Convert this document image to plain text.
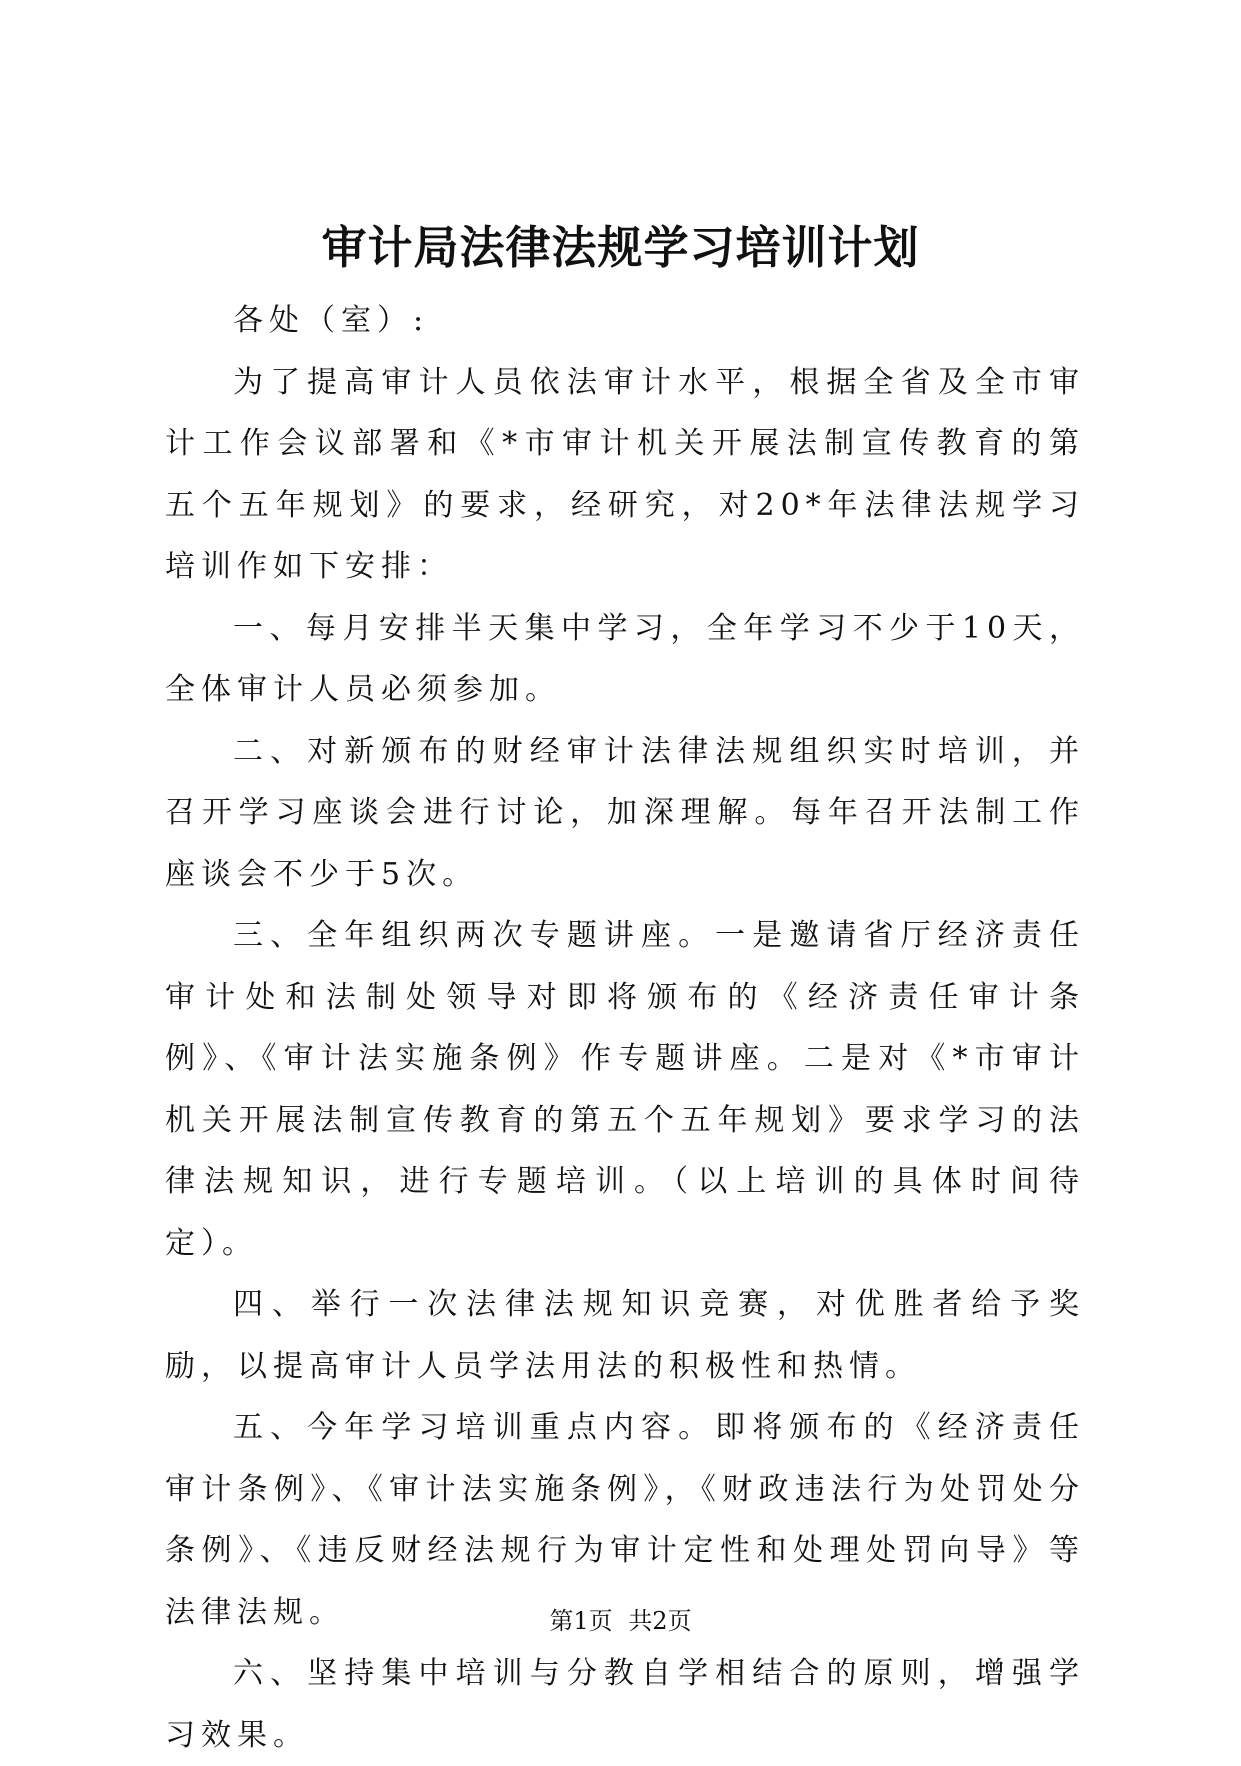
审计局法律法规学习培训计划

各处（室）:

为了提高审计人员依法审计水平，根据全省及全市审计工作会议部署和《*市审计机关开展法制宣传教育的第五个五年规划》的要求，经研究，对20*年法律法规学习培训作如下安排：

一、每月安排半天集中学习，全年学习不少于10天，全体审计人员必须参加。

二、对新颁布的财经审计法律法规组织实时培训，并召开学习座谈会进行讨论，加深理解。每年召开法制工作座谈会不少于5次。

三、全年组织两次专题讲座。一是邀请省厅经济责任审计处和法制处领导对即将颁布的《经济责任审计条例》、《审计法实施条例》作专题讲座。二是对《*市审计机关开展法制宣传教育的第五个五年规划》要求学习的法律法规知识，进行专题培训。（以上培训的具体时间待定）。

四、举行一次法律法规知识竞赛，对优胜者给予奖励，以提高审计人员学法用法的积极性和热情。

五、今年学习培训重点内容。即将颁布的《经济责任审计条例》、《审计法实施条例》，《财政违法行为处罚处分条例》、《违反财经法规行为审计定性和处理处罚向导》等法律法规。

六、坚持集中培训与分教自学相结合的原则，增强学习效果。

第1页 共2页
